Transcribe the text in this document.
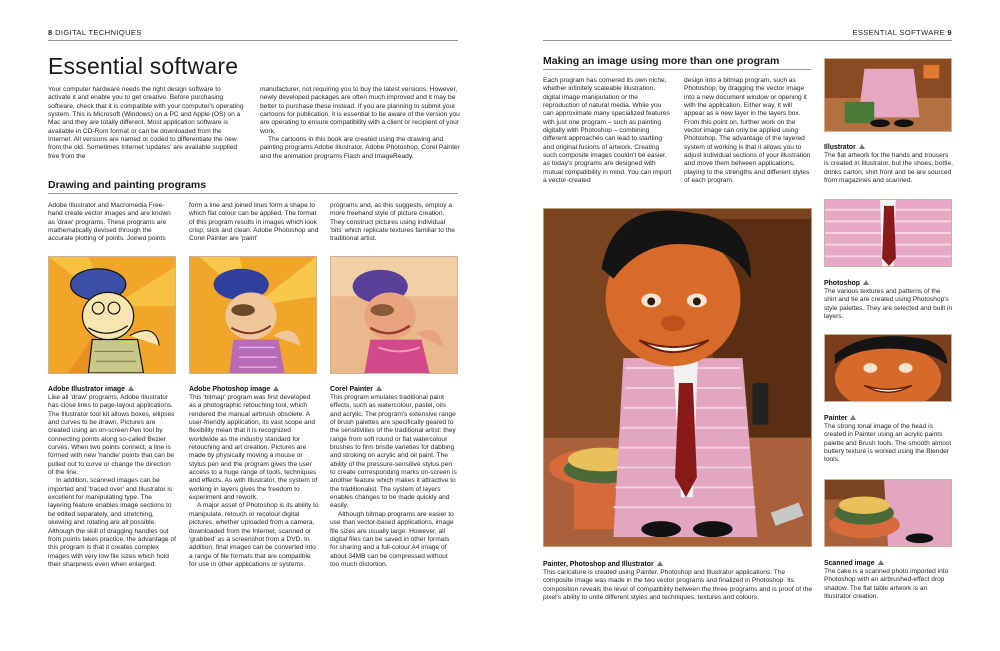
8 DIGITAL TECHNIQUES
Essential software

Your computer hardware needs the right design software to activate it and enable you to get creative. Before purchasing software, check that it is compatible with your computer's operating system. This is Microsoft (Windows) on a PC and Apple (OS) on a Mac and they are totally different. Most application software is available in CD-Rom format or can be downloaded from the Internet. All versions are named or coded to differentiate the new from the old. Sometimes Internet 'updates' are available supplied free from the

manufacturer, not requiring you to buy the latest versions. However, newly developed packages are often much improved and it may be better to purchase these instead. If you are planning to submit your cartoons for publication, it is essential to be aware of the version you are operating to ensure compatibility with a client or recipient of your work.

The cartoons in this book are created using the drawing and painting programs Adobe Illustrator, Adobe Photoshop, Corel Painter and the animation programs Flash and ImageReady.

Drawing and painting programs

Adobe Illustrator and Macromedia Free-hand create vector images and are known as 'draw' programs. These programs are mathematically devised through the accurate plotting of points. Joined points

form a line and joined lines form a shape to which flat colour can be applied. The format of this program results in images which look crisp, slick and clean. Adobe Photoshop and Corel Painter are 'paint'

programs and, as this suggests, employ a more freehand style of picture creation. They construct pictures using individual 'bits' which replicate textures familiar to the traditional artist.

Adobe Illustrator image

Like all 'draw' programs, Adobe Illustrator has close links to page-layout applications. The Illustrator tool kit allows boxes, ellipses and curves to be drawn. Pictures are created using an on-screen Pen tool by connecting points along so-called Bezier curves. When two points connect, a line is formed with new 'handle' points that can be pulled out to curve or change the direction of the line.

In addition, scanned images can be imported and 'traced over' and Illustrator is excellent for manipulating type. The layering feature enables image sections to be edited separately, and stretching, skewing and rotating are all possible. Although the skill of dragging handles out from points takes practice, the advantage of this program is that it creates complex images with very low file sizes which hold their sharpness even when enlarged.

Adobe Photoshop image

This 'bitmap' program was first developed as a photographic retouching tool, which rendered the manual airbrush obsolete. A user-friendly application, its vast scope and flexibility mean that it is recognized worldwide as the industry standard for retouching and art creation. Pictures are made by physically moving a mouse or stylus pen and the program gives the user access to a huge range of tools, techniques and effects. As with Illustrator, the system of working in layers gives the freedom to experiment and rework.

A major asset of Photoshop is its ability to manipulate, retouch or recolour digital pictures, whether uploaded from a camera, downloaded from the Internet, scanned or 'grabbed' as a screenshot from a DVD. In addition, final images can be converted into a range of file formats that are compatible for use in other applications or systems.

Corel Painter

This program emulates traditional paint effects, such as watercolour, pastel, oils and acrylic. The program's extensive range of brush palettes are specifically geared to the sensitivities of the traditional artist: they range from soft round or flat watercolour brushes to firm bristle varieties for dabbing and stroking on acrylic and oil paint. The ability of the pressure-sensitive stylus pen to create corresponding marks on-screen is another feature which makes it attractive to the traditionalist. The system of layers enables changes to be made quickly and easily.

Although bitmap programs are easier to use than vector-based applications, image file sizes are usually large. However, all digital files can be saved in other formats for sharing and a full-colour A4 image of about 34MB can be compressed without too much distortion.

ESSENTIAL SOFTWARE 9
Making an image using more than one program

Each program has cornered its own niche, whether infinitely scaleable illustration, digital image manipulation or the reproduction of natural media. While you can approximate many specialized features with just one program – such as painting digitally with Photoshop – combining different approaches can lead to startling and original fusions of artwork. Creating such composite images couldn't be easier, as today's programs are designed with mutual compatibility in mind. You can import a vector-created

design into a bitmap program, such as Photoshop, by dragging the vector image into a new document window or opening it with the application. Either way, it will appear as a new layer in the layers box. From this point on, further work on the vector image can only be applied using Photoshop. The advantage of the layered system of working is that it allows you to adjust individual sections of your illustration and move them between applications, playing to the strengths and different styles of each program.

Painter, Photoshop and Illustrator

This caricature is created using Painter, Photoshop and Illustrator applications. The composite image was made in the two vector programs and finalized in Photoshop. Its composition reveals the level of compatibility between the three programs and is proof of the pixel's ability to unite different styles and techniques, textures and colours.

Illustrator

The flat artwork for the hands and trousers is created in Illustrator, but the shoes, bottle, drinks carton, shirt front and tie are sourced from magazines and scanned.

Photoshop

The various textures and patterns of the shirt and tie are created using Photoshop's style palettes. They are selected and built in layers.

Painter

The strong tonal image of the head is created in Painter using an acrylic paints palette and Brush tools. The smooth almost buttery texture is worked using the Blender tools.

Scanned image

The cake is a scanned photo imported into Photoshop with an airbrushed-effect drop shadow. The flat table artwork is an Illustrator creation.
